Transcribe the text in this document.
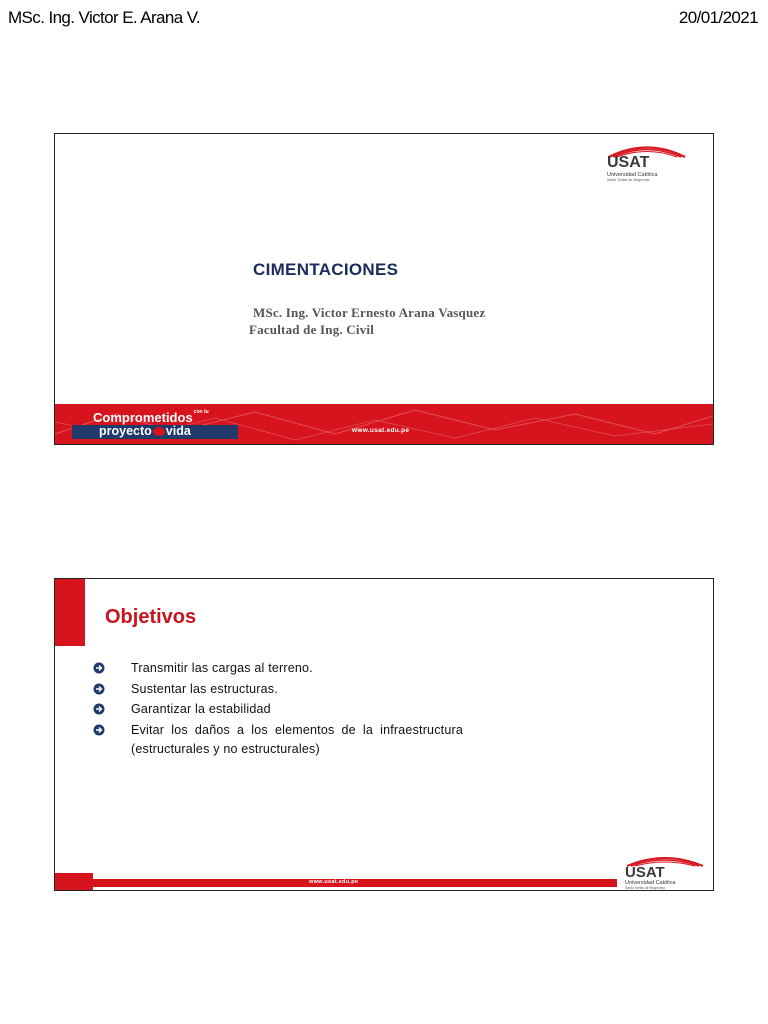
MSc. Ing. Victor E. Arana V.	20/01/2021
USAT
Universidad Católica
Santo Toribio de Mogrovejo
CIMENTACIONES
MSc. Ing. Victor Ernesto Arana Vasquez
Facultad de Ing. Civil
Comprometidoscon tu
proyecto vida	www.usat.edu.pe
Objetivos
Transmitir las cargas al terreno.
Sustentar las estructuras.
Garantizar la estabilidad
Evitar los daños a los elementos de la infraestructura (estructurales y no estructurales)
www.usat.edu.pe
USAT
Universidad Católica
Santo Toribio de Mogrovejo
